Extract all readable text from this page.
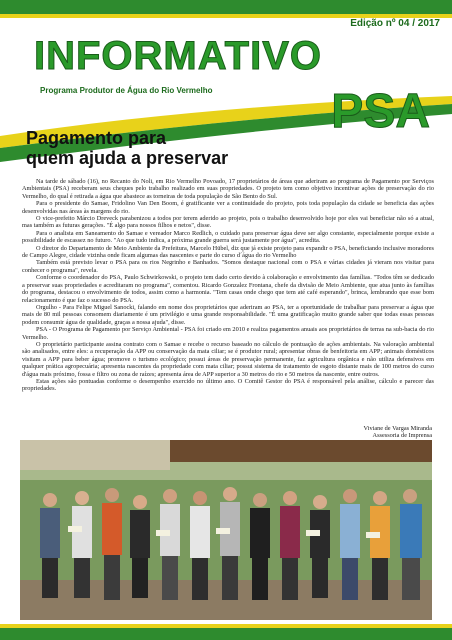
Edição nº 04 / 2017
INFORMATIVO
Programa Produtor de Água do Rio Vermelho PSA
Pagamento para
quem ajuda a preservar

Na tarde de sábado (16), no Recanto do Noli, em Rio Vermelho Povoado, 17 proprietários de áreas que aderiram ao programa de Pagamento por Serviços Ambientais (PSA) receberam seus cheques pelo trabalho realizado em suas propriedades. O projeto tem como objetivo incentivar ações de preservação do rio Vermelho, do qual é retirada a água que abastece as torneiras de toda população de São Bento do Sul.

Para o presidente do Samae, Fridolino Van Den Boom, é gratificante ver a continuidade do projeto, pois toda população da cidade se beneficia das ações desenvolvidas nas áreas às margens do rio.

O vice-prefeito Márcio Dreveck parabenizou a todos por terem aderido ao projeto, pois o trabalho desenvolvido hoje por eles vai beneficiar não só a atual, mas também as futuras gerações. "É algo para nossos filhos e netos", disse.

Para o analista em Saneamento do Samae e vereador Marco Redlich, o cuidado para preservar água deve ser algo constante, especialmente porque existe a possibilidade de escassez no futuro. "Ao que tudo indica, a próxima grande guerra será justamente por água", acredita.

O diretor do Departamento de Meio Ambiente da Prefeitura, Marcelo Hübel, diz que já existe projeto para expandir o PSA, beneficiando inclusive moradores de Campo Alegre, cidade vizinha onde ficam algumas das nascentes e parte do curso d´água do rio Vermelho

Também está previsto levar o PSA para os rios Negrinho e Banhados. "Somos destaque nacional com o PSA e várias cidades já vieram nos visitar para conhecer o programa", revela.

Conforme o coordenador do PSA, Paulo Schwirkowski, o projeto tem dado certo devido à colaboração e envolvimento das famílias. "Todos têm se dedicado a preservar suas propriedades e acreditaram no programa", comentou. Ricardo Gonzalez Frontana, chefe da divisão de Meio Ambiente, que atua junto às famílias do programa, destacou o envolvimento de todos, assim como a harmonia. "Tem casas onde chego que tem até café esperando", brinca, lembrando que esse bom relacionamento é que faz o sucesso do PSA.

Orgulho - Para Felipe Miguel Sanocki, falando em nome dos proprietários que aderiram ao PSA, ter a oportunidade de trabalhar para preservar a água que mais de 80 mil pessoas consomem diariamente é um privilégio e uma grande responsabilidade. "É uma gratificação muito grande saber que todas essas pessoas podem consumir água de qualidade, graças a nossa ajuda", disse.

PSA - O Programa de Pagamento por Serviço Ambiental - PSA foi criado em 2010 e realiza pagamentos anuais aos proprietários de terras na sub-bacia do rio Vermelho.

O proprietário participante assina contrato com o Samae e recebe o recurso baseado no cálculo de pontuação de ações ambientais. Na valoração ambiental são analisados, entre eles: a recuperação da APP ou conservação da mata ciliar; se é produtor rural; apresentar obras de benfeitoria em APP; animais domésticos visitam a APP para beber água; promove o turismo ecológico; possui áreas de preservação permanente, faz agricultura orgânica e não utiliza defensivos em qualquer prática agropecuária; apresenta nascentes da propriedade com mata ciliar; possui sistema de tratamento de esgoto distante mais de 100 metros do curso d'água mais próximo, fossa e filtro ou zona de raízes; apresenta área de APP superior a 30 metros do rio e 50 metros da nascente, entre outros.

Estas ações são pontuadas conforme o desempenho exercido no último ano. O Comitê Gestor do PSA é responsável pela análise, cálculo e parecer das propriedades.

Viviane de Vargas Miranda
Assessoria de Imprensa
